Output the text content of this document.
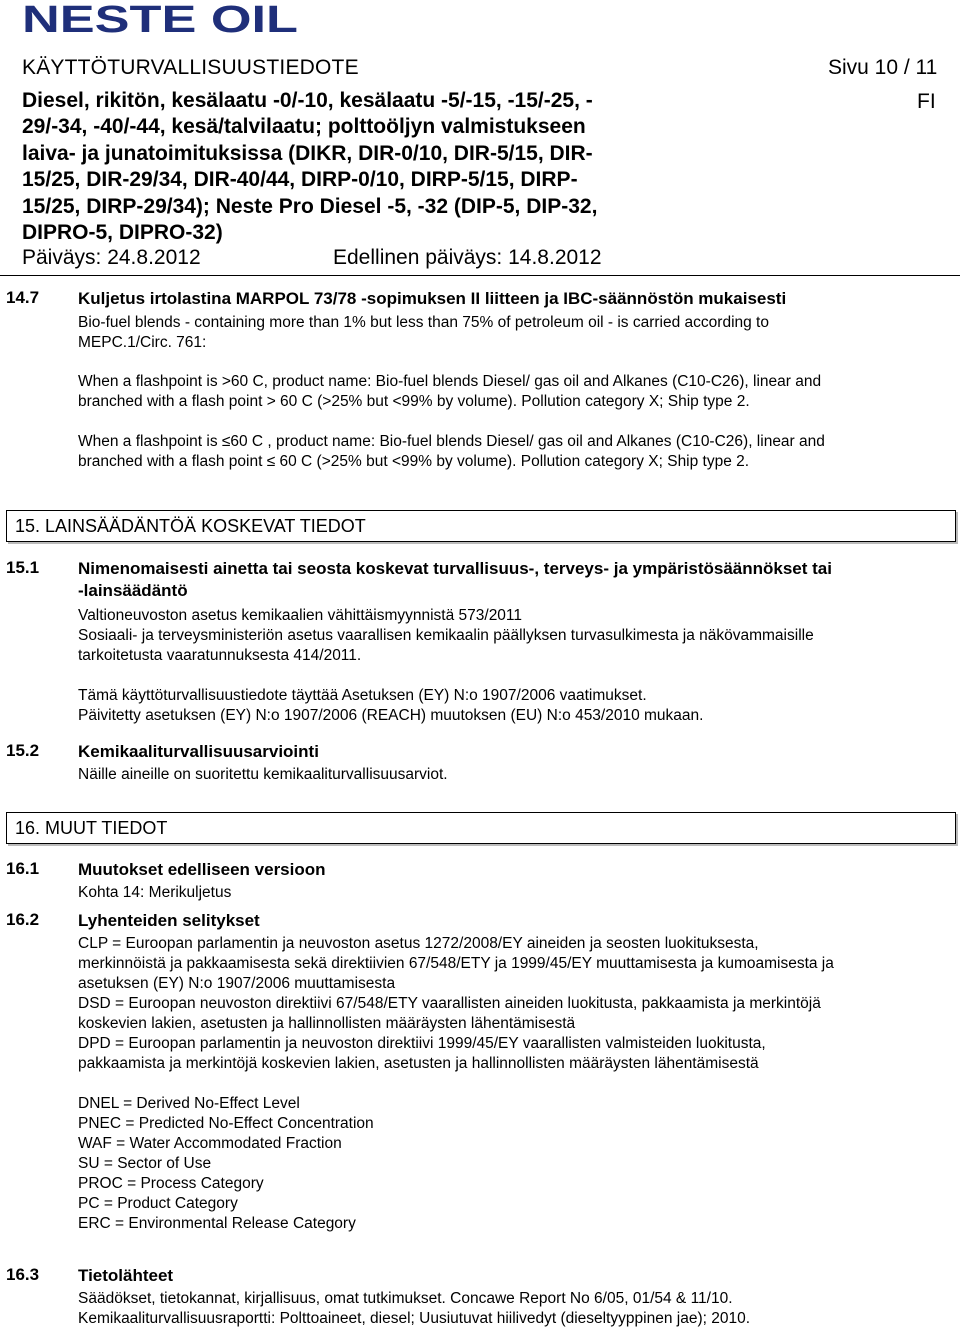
NESTE OIL
KÄYTTÖTURVALLISUUSTIEDOTE	Sivu 10 / 11
FI
Diesel, rikitön, kesälaatu -0/-10, kesälaatu -5/-15, -15/-25, -
29/-34, -40/-44, kesä/talvilaatu; polttoöljyn valmistukseen
laiva- ja junatoimituksissa (DIKR, DIR-0/10, DIR-5/15, DIR-
15/25, DIR-29/34, DIR-40/44, DIRP-0/10, DIRP-5/15, DIRP-
15/25, DIRP-29/34); Neste Pro Diesel -5, -32 (DIP-5, DIP-32,
DIPRO-5, DIPRO-32)
Päiväys: 24.8.2012	Edellinen päiväys: 14.8.2012
14.7 Kuljetus irtolastina MARPOL 73/78 -sopimuksen II liitteen ja IBC-säännöstön mukaisesti
Bio-fuel blends - containing more than 1% but less than 75% of petroleum oil - is carried according to
MEPC.1/Circ. 761:
When a flashpoint is >60 C, product name: Bio-fuel blends Diesel/ gas oil and Alkanes (C10-C26), linear and
branched with a flash point > 60 C (>25% but <99% by volume). Pollution category X; Ship type 2.
When a flashpoint is ≤60 C , product name: Bio-fuel blends Diesel/ gas oil and Alkanes (C10-C26), linear and
branched with a flash point ≤ 60 C (>25% but <99% by volume). Pollution category X; Ship type 2.
15. LAINSÄÄDÄNTÖÄ KOSKEVAT TIEDOT
15.1 Nimenomaisesti ainetta tai seosta koskevat turvallisuus-, terveys- ja ympäristösäännökset tai
-lainsäädäntö
Valtioneuvoston asetus kemikaalien vähittäismyynnistä 573/2011
Sosiaali- ja terveysministeriön asetus vaarallisen kemikaalin päällyksen turvasulkimesta ja näkövammaisille
tarkoitetusta vaaratunnuksesta 414/2011.
Tämä käyttöturvallisuustiedote täyttää Asetuksen (EY) N:o 1907/2006 vaatimukset.
Päivitetty asetuksen (EY) N:o 1907/2006 (REACH) muutoksen (EU) N:o 453/2010 mukaan.
15.2 Kemikaaliturvallisuusarviointi
Näille aineille on suoritettu kemikaaliturvallisuusarviot.
16. MUUT TIEDOT
16.1 Muutokset edelliseen versioon
Kohta 14: Merikuljetus
16.2 Lyhenteiden selitykset
CLP = Euroopan parlamentin ja neuvoston asetus 1272/2008/EY aineiden ja seosten luokituksesta,
merkinnöistä ja pakkaamisesta sekä direktiivien 67/548/ETY ja 1999/45/EY muuttamisesta ja kumoamisesta ja
asetuksen (EY) N:o 1907/2006 muuttamisesta
DSD = Euroopan neuvoston direktiivi 67/548/ETY vaarallisten aineiden luokitusta, pakkaamista ja merkintöjä
koskevien lakien, asetusten ja hallinnollisten määräysten lähentämisestä
DPD = Euroopan parlamentin ja neuvoston direktiivi 1999/45/EY vaarallisten valmisteiden luokitusta,
pakkaamista ja merkintöjä koskevien lakien, asetusten ja hallinnollisten määräysten lähentämisestä
DNEL = Derived No-Effect Level
PNEC = Predicted No-Effect Concentration
WAF = Water Accommodated Fraction
SU = Sector of Use
PROC = Process Category
PC = Product Category
ERC = Environmental Release Category
16.3 Tietolähteet
Säädökset, tietokannat, kirjallisuus, omat tutkimukset. Concawe Report No 6/05, 01/54 & 11/10.
Kemikaaliturvallisuusraportti: Polttoaineet, diesel; Uusiutuvat hiilivedyt (dieseltyyppinen jae); 2010.
